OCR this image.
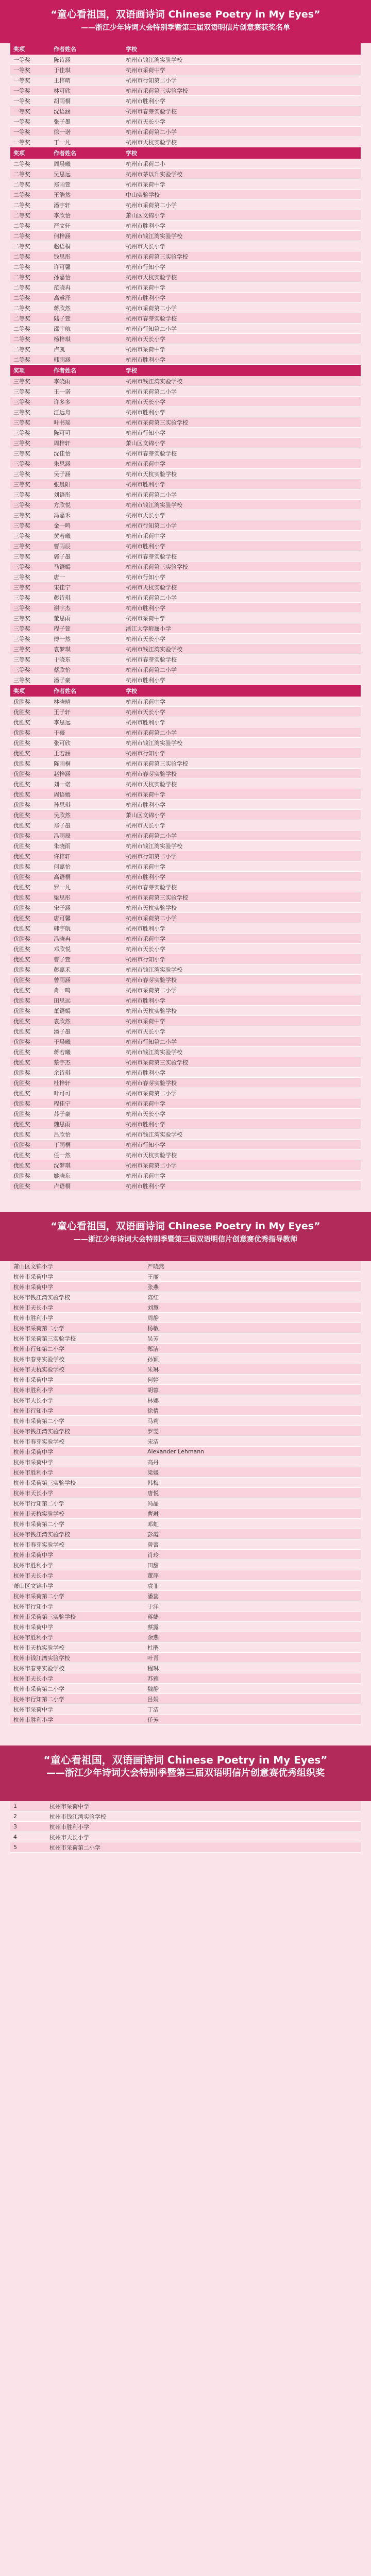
“童心看祖国，双语画诗词 Chinese Poetry in My Eyes”
——浙江少年诗词大会特别季暨第三届双语明信片创意赛获奖名单
奖项	作者姓名	学校
一等奖	陈诗涵	杭州市钱江湾实验学校
一等奖	于佳琪	杭州市采荷中学
一等奖	王梓萌	杭州市行知第二小学
一等奖	林可欣	杭州市采荷第三实验学校
一等奖	胡雨桐	杭州市胜利小学
一等奖	沈语涵	杭州市春芽实验学校
一等奖	张子墨	杭州市天长小学
一等奖	徐一诺	杭州市采荷第二小学
一等奖	丁一凡	杭州市天杭实验学校
奖项	作者姓名	学校
二等奖	周晨曦	杭州市采荷二小
二等奖	吴思远	杭州市茅以升实验学校
二等奖	郑雨萱	杭州市采荷中学
二等奖	王浩然	中山实验学校
二等奖	潘宇轩	杭州市采荷第二小学
二等奖	李欣怡	萧山区文锦小学
二等奖	严文轩	杭州市胜利小学
二等奖	何梓涵	杭州市钱江湾实验学校
二等奖	赵语桐	杭州市天长小学
二等奖	钱思彤	杭州市采荷第三实验学校
二等奖	许可馨	杭州市行知小学
二等奖	孙嘉怡	杭州市天杭实验学校
二等奖	范晓冉	杭州市采荷中学
二等奖	高睿泽	杭州市胜利小学
二等奖	蒋欣然	杭州市采荷第二小学
二等奖	陆子萱	杭州市春芽实验学校
二等奖	邵宇航	杭州市行知第二小学
二等奖	杨梓琪	杭州市天长小学
二等奖	卢凯	杭州市采荷中学
二等奖	韩雨涵	杭州市胜利小学
奖项	作者姓名	学校
三等奖	李晓雨	杭州市钱江湾实验学校
三等奖	王一诺	杭州市采荷第二小学
三等奖	许多多	杭州市天长小学
三等奖	江远舟	杭州市胜利小学
三等奖	叶书瑶	杭州市采荷第三实验学校
三等奖	陈可可	杭州市行知小学
三等奖	周梓轩	萧山区文锦小学
三等奖	沈佳怡	杭州市春芽实验学校
三等奖	朱思涵	杭州市采荷中学
三等奖	吴子涵	杭州市天杭实验学校
三等奖	张晨阳	杭州市胜利小学
三等奖	刘语彤	杭州市采荷第二小学
三等奖	方欣悦	杭州市钱江湾实验学校
三等奖	冯嘉禾	杭州市天长小学
三等奖	金一鸣	杭州市行知第二小学
三等奖	黄若曦	杭州市采荷中学
三等奖	曹雨辰	杭州市胜利小学
三等奖	郭子墨	杭州市春芽实验学校
三等奖	马语嫣	杭州市采荷第三实验学校
三等奖	唐一	杭州市行知小学
三等奖	宋佳宁	杭州市天杭实验学校
三等奖	彭诗琪	杭州市采荷第二小学
三等奖	谢宇杰	杭州市胜利小学
三等奖	董思雨	杭州市采荷中学
三等奖	程子萱	浙江大学附属小学
三等奖	傅一然	杭州市天长小学
三等奖	袁梦琪	杭州市钱江湾实验学校
三等奖	于晓东	杭州市春芽实验学校
三等奖	蔡欣怡	杭州市采荷第二小学
三等奖	潘子豪	杭州市胜利小学
奖项	作者姓名	学校
优胜奖	林晓晴	杭州市采荷中学
优胜奖	王子轩	杭州市天长小学
优胜奖	李思远	杭州市胜利小学
优胜奖	于薇	杭州市采荷第二小学
优胜奖	张可欣	杭州市钱江湾实验学校
优胜奖	王若涵	杭州市行知小学
优胜奖	陈雨桐	杭州市采荷第三实验学校
优胜奖	赵梓涵	杭州市春芽实验学校
优胜奖	刘一诺	杭州市天杭实验学校
优胜奖	周语嫣	杭州市采荷中学
优胜奖	孙思琪	杭州市胜利小学
优胜奖	吴欣然	萧山区文锦小学
优胜奖	郑子墨	杭州市天长小学
优胜奖	冯雨辰	杭州市采荷第二小学
优胜奖	朱晓雨	杭州市钱江湾实验学校
优胜奖	许梓轩	杭州市行知第二小学
优胜奖	何嘉怡	杭州市采荷中学
优胜奖	高语桐	杭州市胜利小学
优胜奖	罗一凡	杭州市春芽实验学校
优胜奖	梁思彤	杭州市采荷第三实验学校
优胜奖	宋子涵	杭州市天杭实验学校
优胜奖	唐可馨	杭州市采荷第二小学
优胜奖	韩宇航	杭州市胜利小学
优胜奖	冯晓冉	杭州市采荷中学
优胜奖	邓欣悦	杭州市天长小学
优胜奖	曹子萱	杭州市行知小学
优胜奖	彭嘉禾	杭州市钱江湾实验学校
优胜奖	曾雨涵	杭州市春芽实验学校
优胜奖	肖一鸣	杭州市采荷第二小学
优胜奖	田思远	杭州市胜利小学
优胜奖	董语嫣	杭州市天杭实验学校
优胜奖	袁欣然	杭州市采荷中学
优胜奖	潘子墨	杭州市天长小学
优胜奖	于晨曦	杭州市行知第二小学
优胜奖	蒋若曦	杭州市钱江湾实验学校
优胜奖	蔡宇杰	杭州市采荷第三实验学校
优胜奖	余诗琪	杭州市胜利小学
优胜奖	杜梓轩	杭州市春芽实验学校
优胜奖	叶可可	杭州市采荷第二小学
优胜奖	程佳宁	杭州市采荷中学
优胜奖	苏子豪	杭州市天长小学
优胜奖	魏思雨	杭州市胜利小学
优胜奖	吕欣怡	杭州市钱江湾实验学校
优胜奖	丁雨桐	杭州市行知小学
优胜奖	任一然	杭州市天杭实验学校
优胜奖	沈梦琪	杭州市采荷第二小学
优胜奖	姚晓东	杭州市采荷中学
优胜奖	卢语桐	杭州市胜利小学
“童心看祖国，双语画诗词 Chinese Poetry in My Eyes”
——浙江少年诗词大会特别季暨第三届双语明信片创意赛优秀指导教师
萧山区文锦小学	严晓燕
杭州市采荷中学	王丽
杭州市采荷中学	张燕
杭州市钱江湾实验学校	陈红
杭州市天长小学	刘慧
杭州市胜利小学	周静
杭州市采荷第二小学	杨敏
杭州市采荷第三实验学校	吴芳
杭州市行知第二小学	郑洁
杭州市春芽实验学校	孙颖
杭州市天杭实验学校	朱琳
杭州市采荷中学	何婷
杭州市胜利小学	胡蓉
杭州市天长小学	林娜
杭州市行知小学	徐倩
杭州市采荷第二小学	马莉
杭州市钱江湾实验学校	罗雯
杭州市春芽实验学校	宋洁
杭州市采荷中学	Alexander Lehmann
杭州市采荷中学	高丹
杭州市胜利小学	梁媛
杭州市采荷第三实验学校	韩梅
杭州市天长小学	唐悦
杭州市行知第二小学	冯晶
杭州市天杭实验学校	曹琳
杭州市采荷第二小学	邓虹
杭州市钱江湾实验学校	彭霞
杭州市春芽实验学校	曾蕾
杭州市采荷中学	肖玲
杭州市胜利小学	田甜
杭州市天长小学	董萍
萧山区文锦小学	袁菲
杭州市采荷第二小学	潘蕊
杭州市行知小学	于洋
杭州市采荷第三实验学校	蒋婕
杭州市采荷中学	蔡露
杭州市胜利小学	余燕
杭州市天杭实验学校	杜鹃
杭州市钱江湾实验学校	叶青
杭州市春芽实验学校	程琳
杭州市天长小学	苏雅
杭州市采荷第二小学	魏静
杭州市行知第二小学	吕娟
杭州市采荷中学	丁洁
杭州市胜利小学	任芳
“童心看祖国，双语画诗词 Chinese Poetry in My Eyes”
——浙江少年诗词大会特别季暨第三届双语明信片创意赛优秀组织奖
1	杭州市采荷中学
2	杭州市钱江湾实验学校
3	杭州市胜利小学
4	杭州市天长小学
5	杭州市采荷第二小学
